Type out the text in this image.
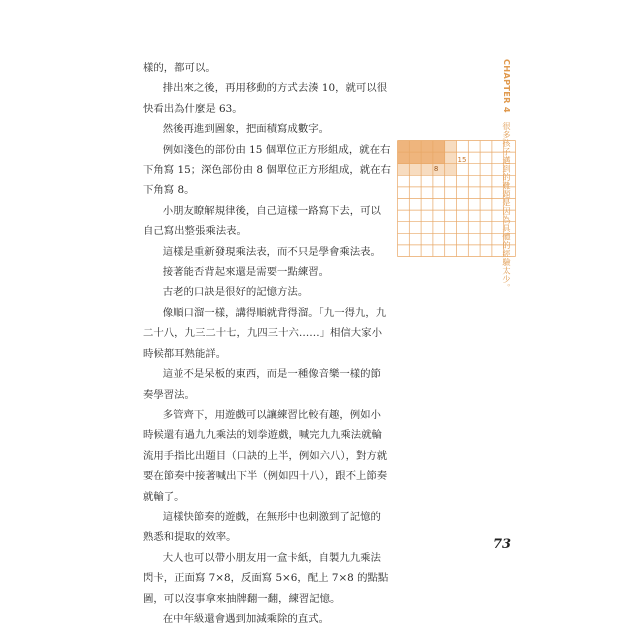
樣的，都可以。

排出來之後，再用移動的方式去湊 10，就可以很快看出為什麼是 63。

然後再進到圖象，把面積寫成數字。

例如淺色的部份由 15 個單位正方形組成，就在右下角寫 15；深色部份由 8 個單位正方形組成，就在右下角寫 8。

小朋友瞭解規律後，自己這樣一路寫下去，可以自己寫出整張乘法表。

這樣是重新發現乘法表，而不只是學會乘法表。

接著能否背起來還是需要一點練習。

古老的口訣是很好的記憶方法。

像順口溜一樣，講得順就背得溜。「九一得九，九二十八，九三二十七，九四三十六……」相信大家小時候都耳熟能詳。

這並不是呆板的東西，而是一種像音樂一樣的節奏學習法。

多管齊下，用遊戲可以讓練習比較有趣，例如小時候還有過九九乘法的划拳遊戲，喊完九九乘法就輪流用手指比出題目（口訣的上半，例如六八），對方就要在節奏中接著喊出下半（例如四十八），跟不上節奏就輸了。

這樣快節奏的遊戲，在無形中也刺激到了記憶的熟悉和提取的效率。

大人也可以帶小朋友用一盒卡紙，自製九九乘法閃卡，正面寫 7×8，反面寫 5×6，配上 7×8 的點點圖，可以沒事拿來抽牌翻一翻，練習記憶。

在中年級還會遇到加減乘除的直式。

CHAPTER 4 很多孩子邁到的難題是因為具體的經驗太少。
15
8
73
